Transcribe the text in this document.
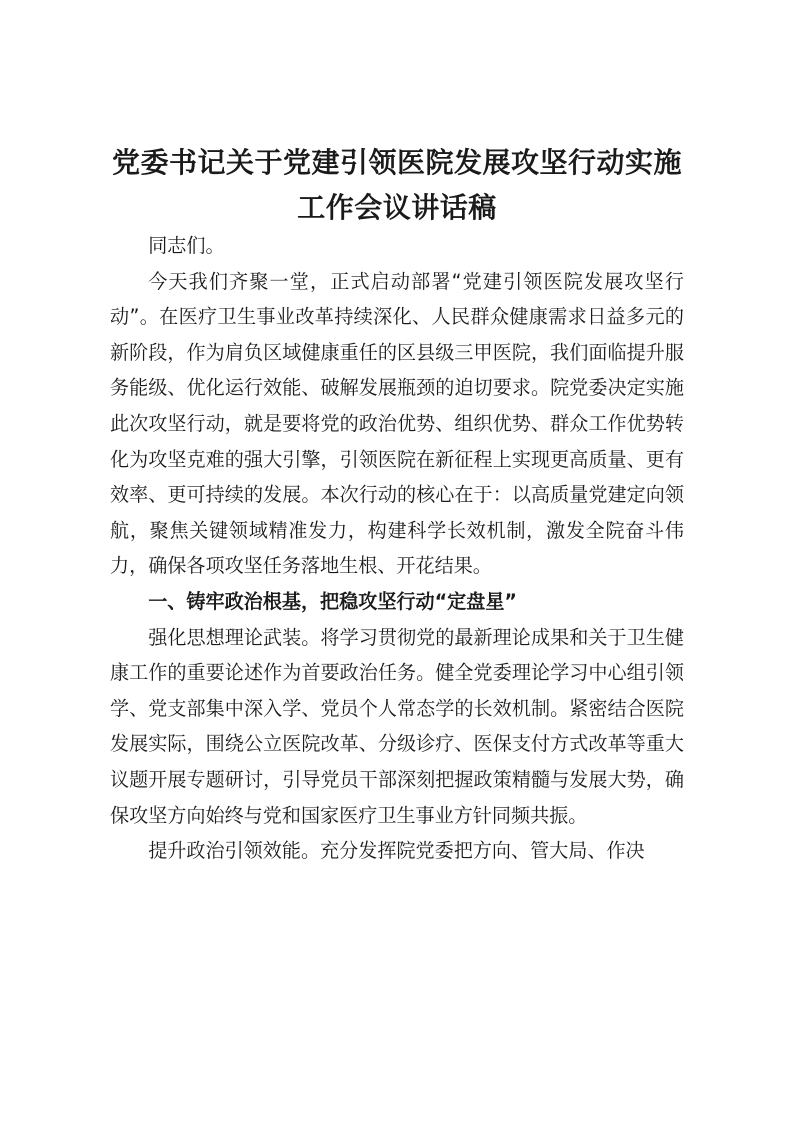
党委书记关于党建引领医院发展攻坚行动实施
工作会议讲话稿

同志们。

今天我们齐聚一堂，正式启动部署“党建引领医院发展攻坚行动”。在医疗卫生事业改革持续深化、人民群众健康需求日益多元的新阶段，作为肩负区域健康重任的区县级三甲医院，我们面临提升服务能级、优化运行效能、破解发展瓶颈的迫切要求。院党委决定实施此次攻坚行动，就是要将党的政治优势、组织优势、群众工作优势转化为攻坚克难的强大引擎，引领医院在新征程上实现更高质量、更有效率、更可持续的发展。本次行动的核心在于：以高质量党建定向领航，聚焦关键领域精准发力，构建科学长效机制，激发全院奋斗伟力，确保各项攻坚任务落地生根、开花结果。

一、铸牢政治根基，把稳攻坚行动“定盘星”

强化思想理论武装。将学习贯彻党的最新理论成果和关于卫生健康工作的重要论述作为首要政治任务。健全党委理论学习中心组引领学、党支部集中深入学、党员个人常态学的长效机制。紧密结合医院发展实际，围绕公立医院改革、分级诊疗、医保支付方式改革等重大议题开展专题研讨，引导党员干部深刻把握政策精髓与发展大势，确保攻坚方向始终与党和国家医疗卫生事业方针同频共振。

提升政治引领效能。充分发挥院党委把方向、管大局、作决
